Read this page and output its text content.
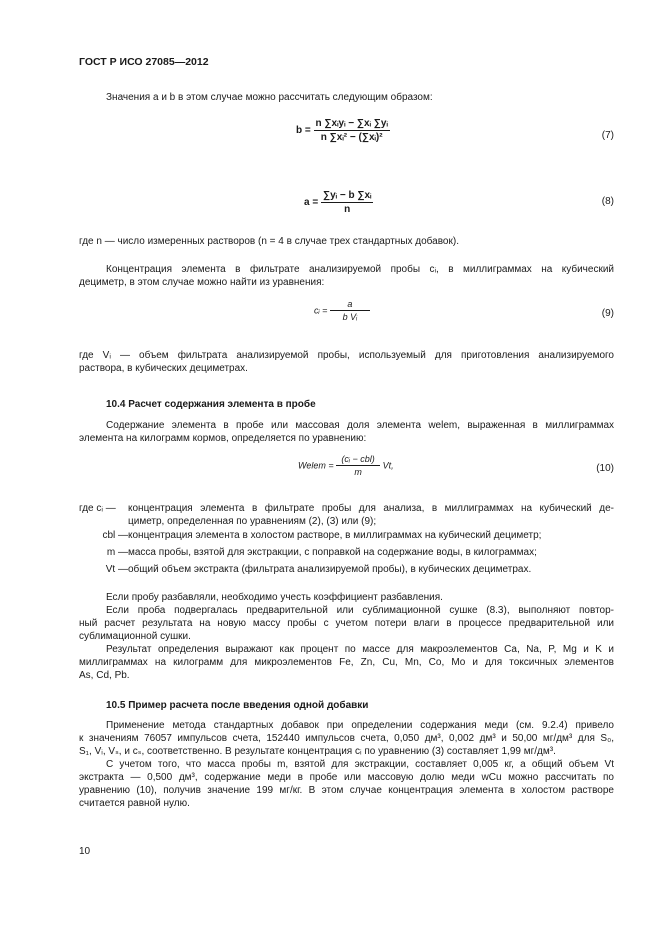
ГОСТ Р ИСО 27085—2012
Значения a и b в этом случае можно рассчитать следующим образом:
$b = \frac{\text{n ∑xᵢyᵢ − ∑xᵢ ∑yᵢ}}{\text{n ∑xᵢ² − (∑xᵢ)²}}$	(7)
$a = \frac{\text{∑yᵢ − b ∑xᵢ}}{n}$	(8)
где n — число измеренных растворов (n = 4 в случае трех стандартных добавок).
Концентрация элемента в фильтрате анализируемой пробы cᵢ, в миллиграммах на кубический
дециметр, в этом случае можно найти из уравнения:
cᵢ = $\frac{a}{\text{b Vᵢ}}$	(9)
где Vᵢ — объем фильтрата анализируемой пробы, используемый для приготовления анализируемого
раствора, в кубических дециметрах.
10.4 Расчет содержания элемента в пробе
Содержание элемента в пробе или массовая доля элемента welem, выраженная в миллиграммах
элемента на килограмм кормов, определяется по уравнению:
Welem = $\frac{\text{(cᵢ − cbl)}}{m} Vt$,	(10)
где cᵢ —	концентрация элемента в фильтрате пробы для анализа, в миллиграммах на кубический де-
циметр, определенная по уравнениям (2), (3) или (9);
cbl — концентрация элемента в холостом растворе, в миллиграммах на кубический дециметр;
m — масса пробы, взятой для экстракции, с поправкой на содержание воды, в килограммах;
Vt — общий объем экстракта (фильтрата анализируемой пробы), в кубических дециметрах.
Если пробу разбавляли, необходимо учесть коэффициент разбавления.
Если проба подвергалась предварительной или сублимационной сушке (8.3), выполняют повтор-
ный расчет результата на новую массу пробы с учетом потери влаги в процессе предварительной или
сублимационной сушки.
Результат определения выражают как процент по массе для макроэлементов Ca, Na, P, Mg и K и
миллиграммах на килограмм для микроэлементов Fe, Zn, Cu, Mn, Co, Mo и для токсичных элементов
As, Cd, Pb.
10.5 Пример расчета после введения одной добавки
Применение метода стандартных добавок при определении содержания меди (см. 9.2.4) привело
к значениям 76057 импульсов счета, 152440 импульсов счета, 0,050 дм³, 0,002 дм³ и 50,00 мг/дм³ для S₀,
S₁, Vᵢ, Vₛ, и cₛ, соответственно. В результате концентрация cᵢ по уравнению (3) составляет 1,99 мг/дм³.
С учетом того, что масса пробы m, взятой для экстракции, составляет 0,005 кг, а общий объем Vt
экстракта — 0,500 дм³, содержание меди в пробе или массовую долю меди wCu можно рассчитать по
уравнению (10), получив значение 199 мг/кг. В этом случае концентрация элемента в холостом растворе
считается равной нулю.
10
